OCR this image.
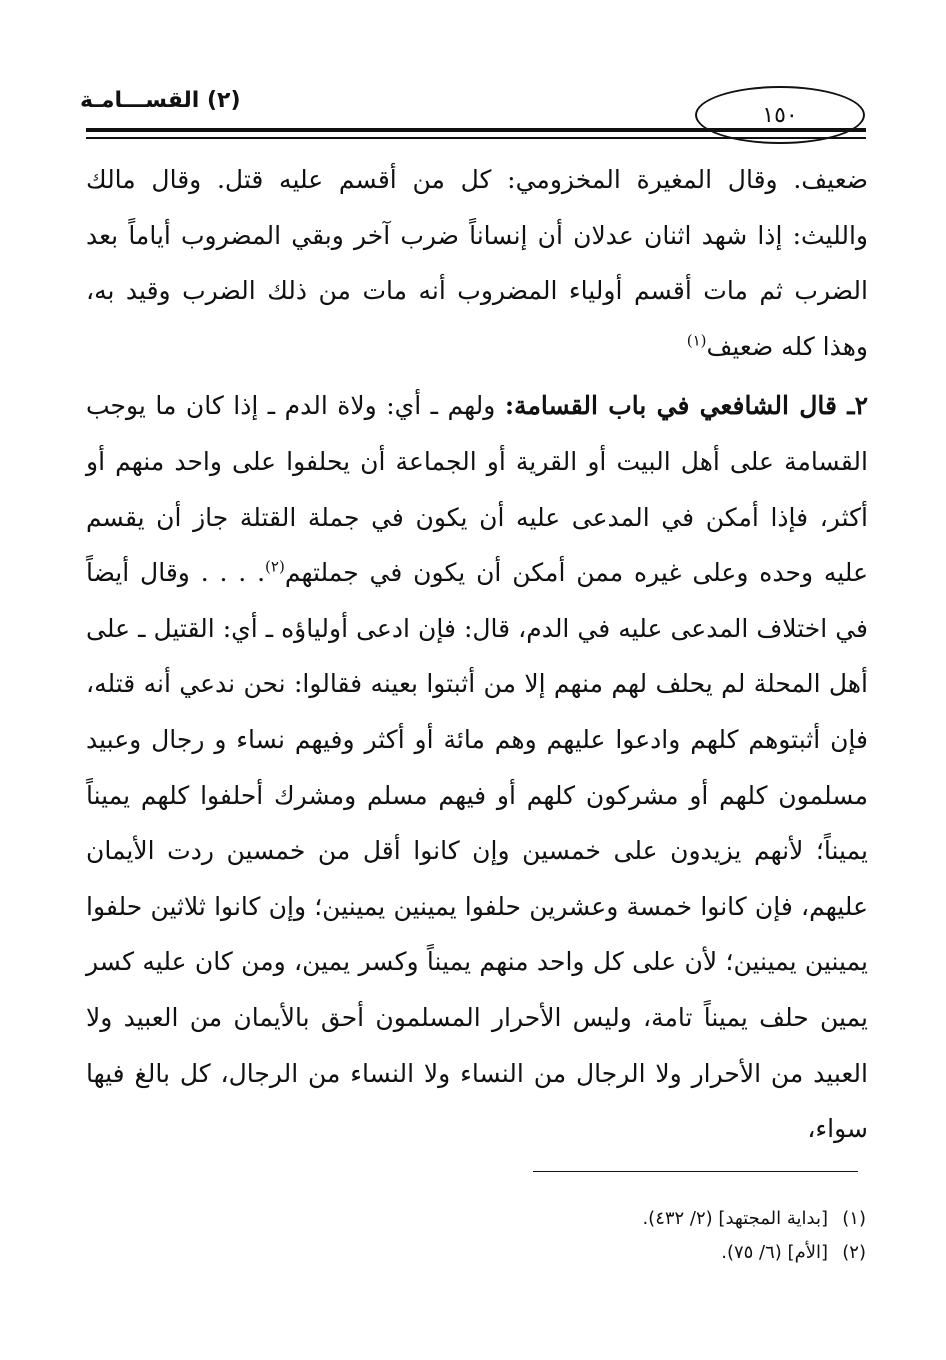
١٥٠
(٢) القســـامـة

ضعيف. وقال المغيرة المخزومي: كل من أقسم عليه قتل. وقال مالك والليث: إذا شهد اثنان عدلان أن إنساناً ضرب آخر وبقي المضروب أياماً بعد الضرب ثم مات أقسم أولياء المضروب أنه مات من ذلك الضرب وقيد به، وهذا كله ضعيف$^{(١)}$

٢ـ قال الشافعي في باب القسامة: ولهم ـ أي: ولاة الدم ـ إذا كان ما يوجب القسامة على أهل البيت أو القرية أو الجماعة أن يحلفوا على واحد منهم أو أكثر، فإذا أمكن في المدعى عليه أن يكون في جملة القتلة جاز أن يقسم عليه وحده وعلى غيره ممن أمكن أن يكون في جملتهم$^{(٢)}$. . . . وقال أيضاً في اختلاف المدعى عليه في الدم، قال: فإن ادعى أولياؤه ـ أي: القتيل ـ على أهل المحلة لم يحلف لهم منهم إلا من أثبتوا بعينه فقالوا: نحن ندعي أنه قتله، فإن أثبتوهم كلهم وادعوا عليهم وهم مائة أو أكثر وفيهم نساء و رجال وعبيد مسلمون كلهم أو مشركون كلهم أو فيهم مسلم ومشرك أحلفوا كلهم يميناً يميناً؛ لأنهم يزيدون على خمسين وإن كانوا أقل من خمسين ردت الأيمان عليهم، فإن كانوا خمسة وعشرين حلفوا يمينين يمينين؛ وإن كانوا ثلاثين حلفوا يمينين يمينين؛ لأن على كل واحد منهم يميناً وكسر يمين، ومن كان عليه كسر يمين حلف يميناً تامة، وليس الأحرار المسلمون أحق بالأيمان من العبيد ولا العبيد من الأحرار ولا الرجال من النساء ولا النساء من الرجال، كل بالغ فيها سواء،

(١)[بداية المجتهد] (٢/ ٤٣٢).

(٢)[الأم] (٦/ ٧٥).
